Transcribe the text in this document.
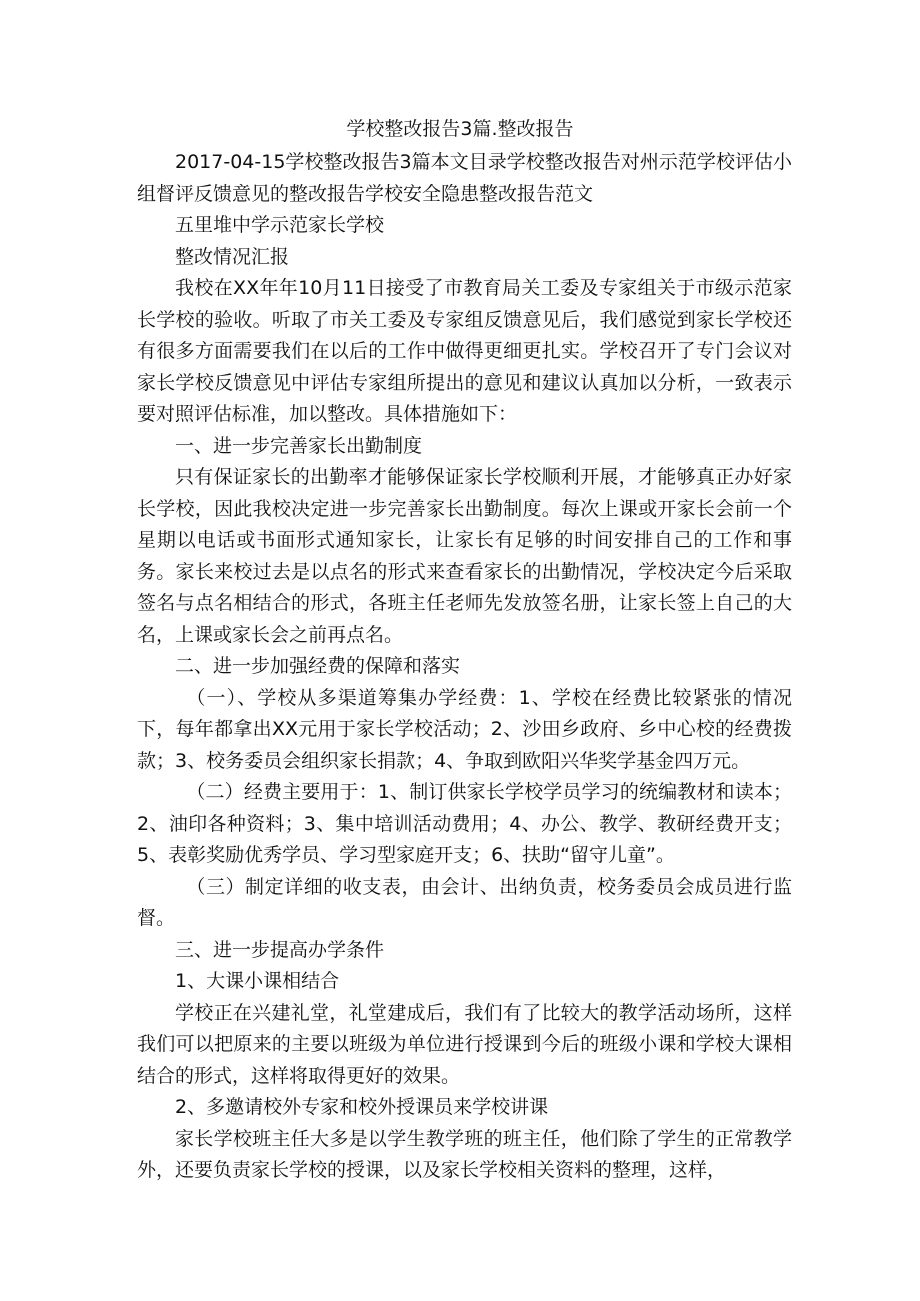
学校整改报告3篇.整改报告

2017-04-15学校整改报告3篇本文目录学校整改报告对州示范学校评估小组督评反馈意见的整改报告学校安全隐患整改报告范文

五里堆中学示范家长学校

整改情况汇报

我校在XX年年10月11日接受了市教育局关工委及专家组关于市级示范家长学校的验收。听取了市关工委及专家组反馈意见后，我们感觉到家长学校还有很多方面需要我们在以后的工作中做得更细更扎实。学校召开了专门会议对家长学校反馈意见中评估专家组所提出的意见和建议认真加以分析，一致表示要对照评估标准，加以整改。具体措施如下：

一、进一步完善家长出勤制度

只有保证家长的出勤率才能够保证家长学校顺利开展，才能够真正办好家长学校，因此我校决定进一步完善家长出勤制度。每次上课或开家长会前一个星期以电话或书面形式通知家长，让家长有足够的时间安排自己的工作和事务。家长来校过去是以点名的形式来查看家长的出勤情况，学校决定今后采取签名与点名相结合的形式，各班主任老师先发放签名册，让家长签上自己的大名，上课或家长会之前再点名。

二、进一步加强经费的保障和落实

（一）、学校从多渠道筹集办学经费：1、学校在经费比较紧张的情况下，每年都拿出XX元用于家长学校活动；2、沙田乡政府、乡中心校的经费拨款；3、校务委员会组织家长捐款；4、争取到欧阳兴华奖学基金四万元。

（二）经费主要用于：1、制订供家长学校学员学习的统编教材和读本；2、油印各种资料；3、集中培训活动费用；4、办公、教学、教研经费开支；5、表彰奖励优秀学员、学习型家庭开支；6、扶助“留守儿童”。

（三）制定详细的收支表，由会计、出纳负责，校务委员会成员进行监督。

三、进一步提高办学条件

1、大课小课相结合

学校正在兴建礼堂，礼堂建成后，我们有了比较大的教学活动场所，这样我们可以把原来的主要以班级为单位进行授课到今后的班级小课和学校大课相结合的形式，这样将取得更好的效果。

2、多邀请校外专家和校外授课员来学校讲课

家长学校班主任大多是以学生教学班的班主任，他们除了学生的正常教学外，还要负责家长学校的授课，以及家长学校相关资料的整理，这样，
